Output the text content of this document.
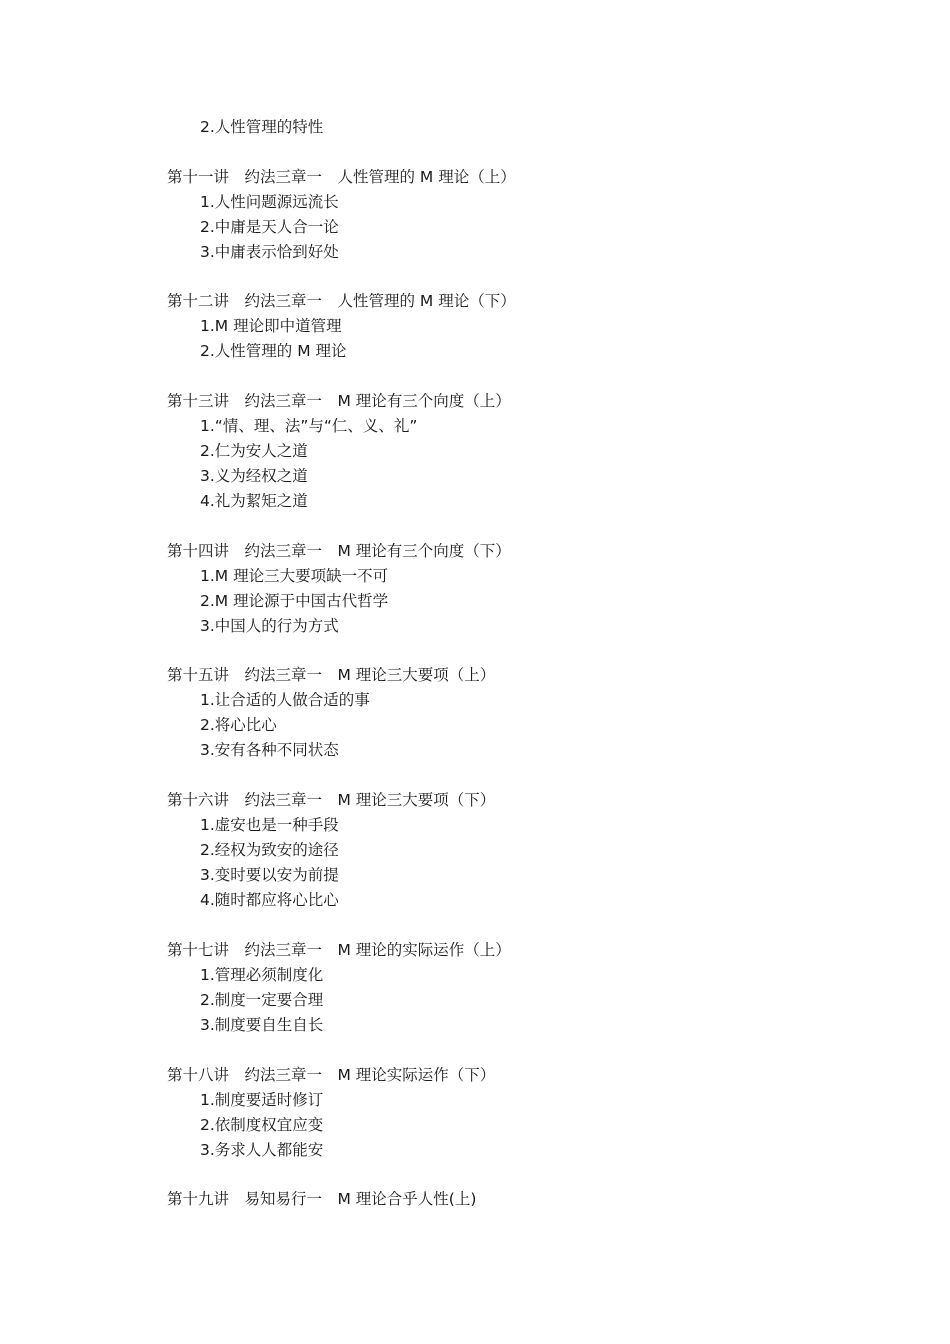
2.人性管理的特性
第十一讲　约法三章一　人性管理的 M 理论（上）
1.人性问题源远流长
2.中庸是天人合一论
3.中庸表示恰到好处
第十二讲　约法三章一　人性管理的 M 理论（下）
1.M 理论即中道管理
2.人性管理的 M 理论
第十三讲　约法三章一　M 理论有三个向度（上）
1.“情、理、法”与“仁、义、礼”
2.仁为安人之道
3.义为经权之道
4.礼为絜矩之道
第十四讲　约法三章一　M 理论有三个向度（下）
1.M 理论三大要项缺一不可
2.M 理论源于中国古代哲学
3.中国人的行为方式
第十五讲　约法三章一　M 理论三大要项（上）
1.让合适的人做合适的事
2.将心比心
3.安有各种不同状态
第十六讲　约法三章一　M 理论三大要项（下）
1.虚安也是一种手段
2.经权为致安的途径
3.变时要以安为前提
4.随时都应将心比心
第十七讲　约法三章一　M 理论的实际运作（上）
1.管理必须制度化
2.制度一定要合理
3.制度要自生自长
第十八讲　约法三章一　M 理论实际运作（下）
1.制度要适时修订
2.依制度权宜应变
3.务求人人都能安
第十九讲　易知易行一　M 理论合乎人性(上)
